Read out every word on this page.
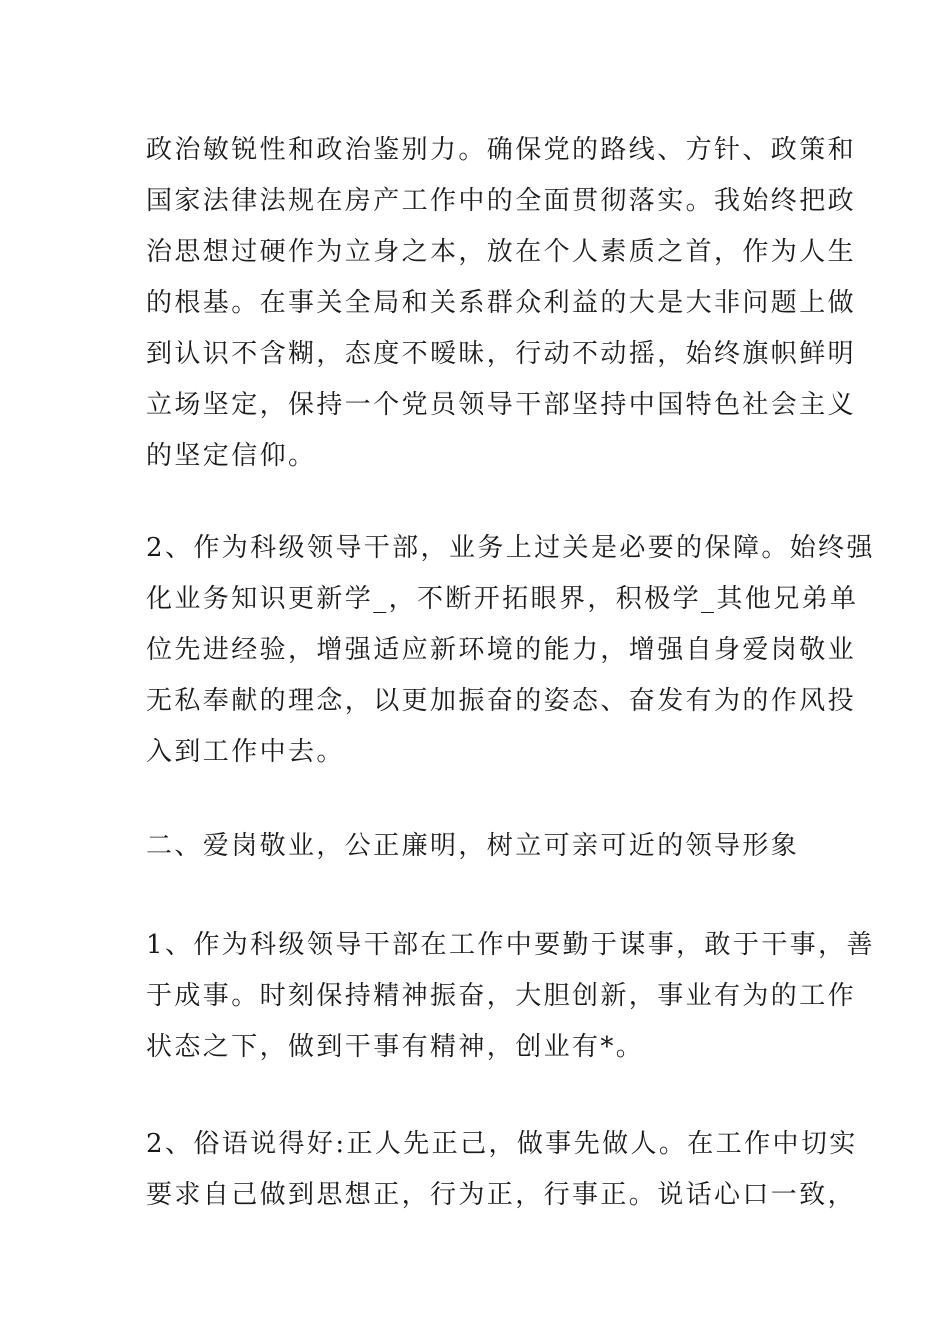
政治敏锐性和政治鉴别力。确保党的路线、方针、政策和
国家法律法规在房产工作中的全面贯彻落实。我始终把政
治思想过硬作为立身之本，放在个人素质之首，作为人生
的根基。在事关全局和关系群众利益的大是大非问题上做
到认识不含糊，态度不暧昧，行动不动摇，始终旗帜鲜明
立场坚定，保持一个党员领导干部坚持中国特色社会主义
的坚定信仰。

2、作为科级领导干部，业务上过关是必要的保障。始终强
化业务知识更新学_，不断开拓眼界，积极学_其他兄弟单
位先进经验，增强适应新环境的能力，增强自身爱岗敬业
无私奉献的理念，以更加振奋的姿态、奋发有为的作风投
入到工作中去。

二、爱岗敬业，公正廉明，树立可亲可近的领导形象

1、作为科级领导干部在工作中要勤于谋事，敢于干事，善
于成事。时刻保持精神振奋，大胆创新，事业有为的工作
状态之下，做到干事有精神，创业有*。

2、俗语说得好:正人先正己，做事先做人。在工作中切实
要求自己做到思想正，行为正，行事正。说话心口一致，
